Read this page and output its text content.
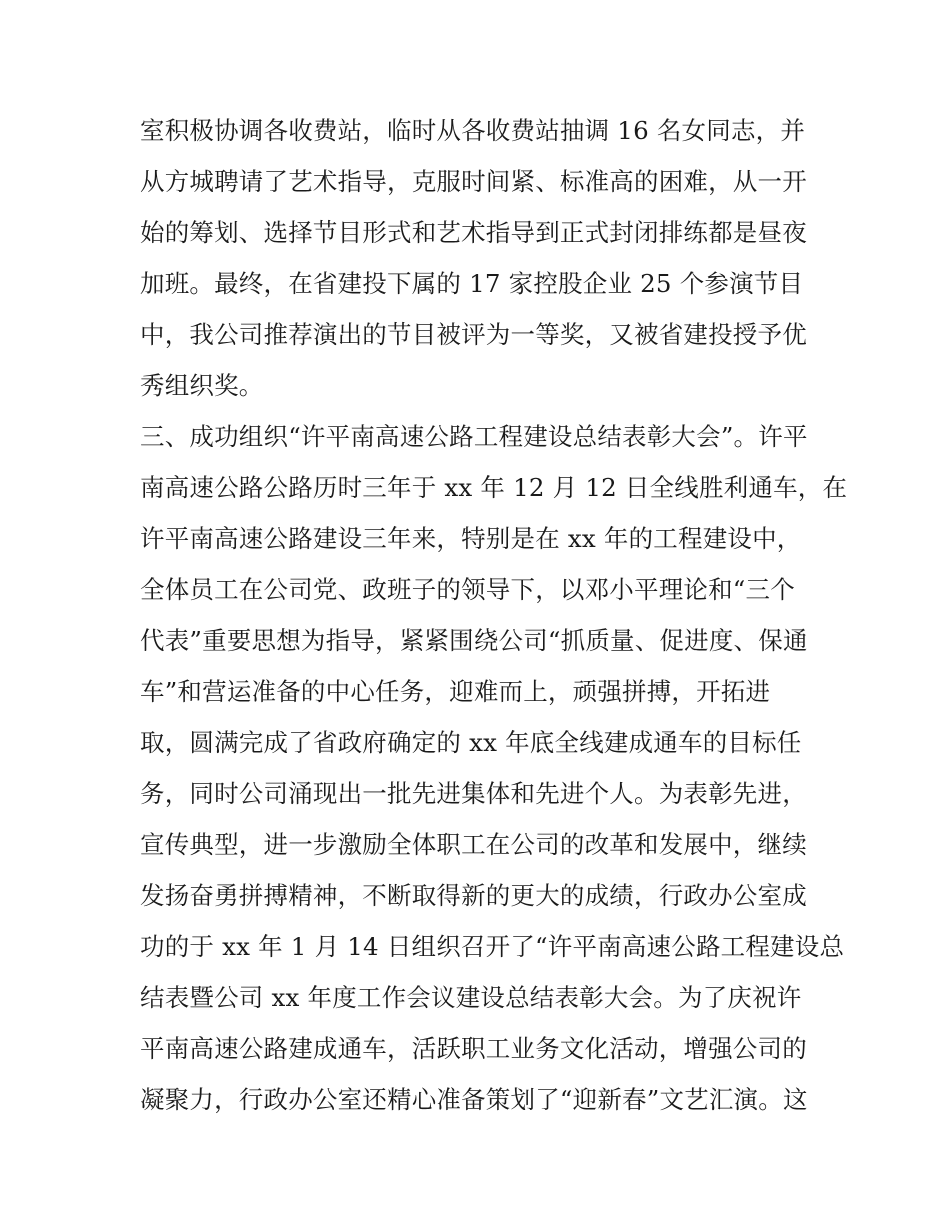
室积极协调各收费站，临时从各收费站抽调 16 名女同志，并
从方城聘请了艺术指导，克服时间紧、标准高的困难，从一开
始的筹划、选择节目形式和艺术指导到正式封闭排练都是昼夜
加班。最终，在省建投下属的 17 家控股企业 25 个参演节目
中，我公司推荐演出的节目被评为一等奖，又被省建投授予优
秀组织奖。
三、成功组织“许平南高速公路工程建设总结表彰大会”。许平
南高速公路公路历时三年于 xx 年 12 月 12 日全线胜利通车，在
许平南高速公路建设三年来，特别是在 xx 年的工程建设中，
全体员工在公司党、政班子的领导下，以邓小平理论和“三个
代表”重要思想为指导，紧紧围绕公司“抓质量、促进度、保通
车”和营运准备的中心任务，迎难而上，顽强拼搏，开拓进
取，圆满完成了省政府确定的 xx 年底全线建成通车的目标任
务，同时公司涌现出一批先进集体和先进个人。为表彰先进，
宣传典型，进一步激励全体职工在公司的改革和发展中，继续
发扬奋勇拼搏精神，不断取得新的更大的成绩，行政办公室成
功的于 xx 年 1 月 14 日组织召开了“许平南高速公路工程建设总
结表暨公司 xx 年度工作会议建设总结表彰大会。为了庆祝许
平南高速公路建成通车，活跃职工业务文化活动，增强公司的
凝聚力，行政办公室还精心准备策划了“迎新春”文艺汇演。这
